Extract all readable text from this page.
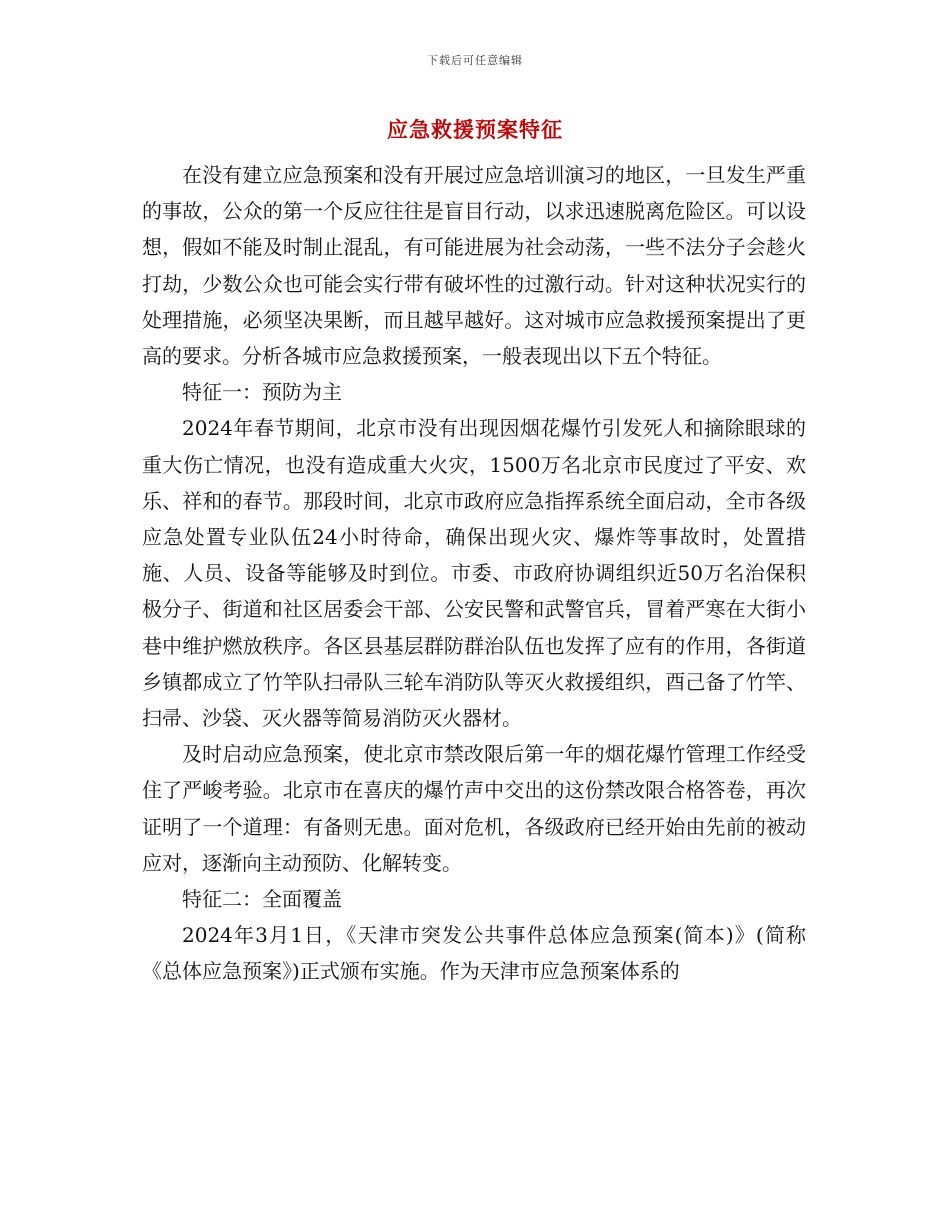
下载后可任意编辑
应急救援预案特征

在没有建立应急预案和没有开展过应急培训演习的地区，一旦发生严重的事故，公众的第一个反应往往是盲目行动，以求迅速脱离危险区。可以设想，假如不能及时制止混乱，有可能进展为社会动荡，一些不法分子会趁火打劫，少数公众也可能会实行带有破坏性的过激行动。针对这种状况实行的处理措施，必须坚决果断，而且越早越好。这对城市应急救援预案提出了更高的要求。分析各城市应急救援预案，一般表现出以下五个特征。

特征一：预防为主

2024年春节期间，北京市没有出现因烟花爆竹引发死人和摘除眼球的重大伤亡情况，也没有造成重大火灾，1500万名北京市民度过了平安、欢乐、祥和的春节。那段时间，北京市政府应急指挥系统全面启动，全市各级应急处置专业队伍24小时待命，确保出现火灾、爆炸等事故时，处置措施、人员、设备等能够及时到位。市委、市政府协调组织近50万名治保积极分子、街道和社区居委会干部、公安民警和武警官兵，冒着严寒在大街小巷中维护燃放秩序。各区县基层群防群治队伍也发挥了应有的作用，各街道乡镇都成立了竹竿队扫帚队三轮车消防队等灭火救援组织，酉己备了竹竿、扫帚、沙袋、灭火器等简易消防灭火器材。

及时启动应急预案，使北京市禁改限后第一年的烟花爆竹管理工作经受住了严峻考验。北京市在喜庆的爆竹声中交出的这份禁改限合格答卷，再次证明了一个道理：有备则无患。面对危机，各级政府已经开始由先前的被动应对，逐渐向主动预防、化解转变。

特征二：全面覆盖

2024年3月1日，《天津市突发公共事件总体应急预案(简本)》(简称《总体应急预案》)正式颁布实施。作为天津市应急预案体系的
